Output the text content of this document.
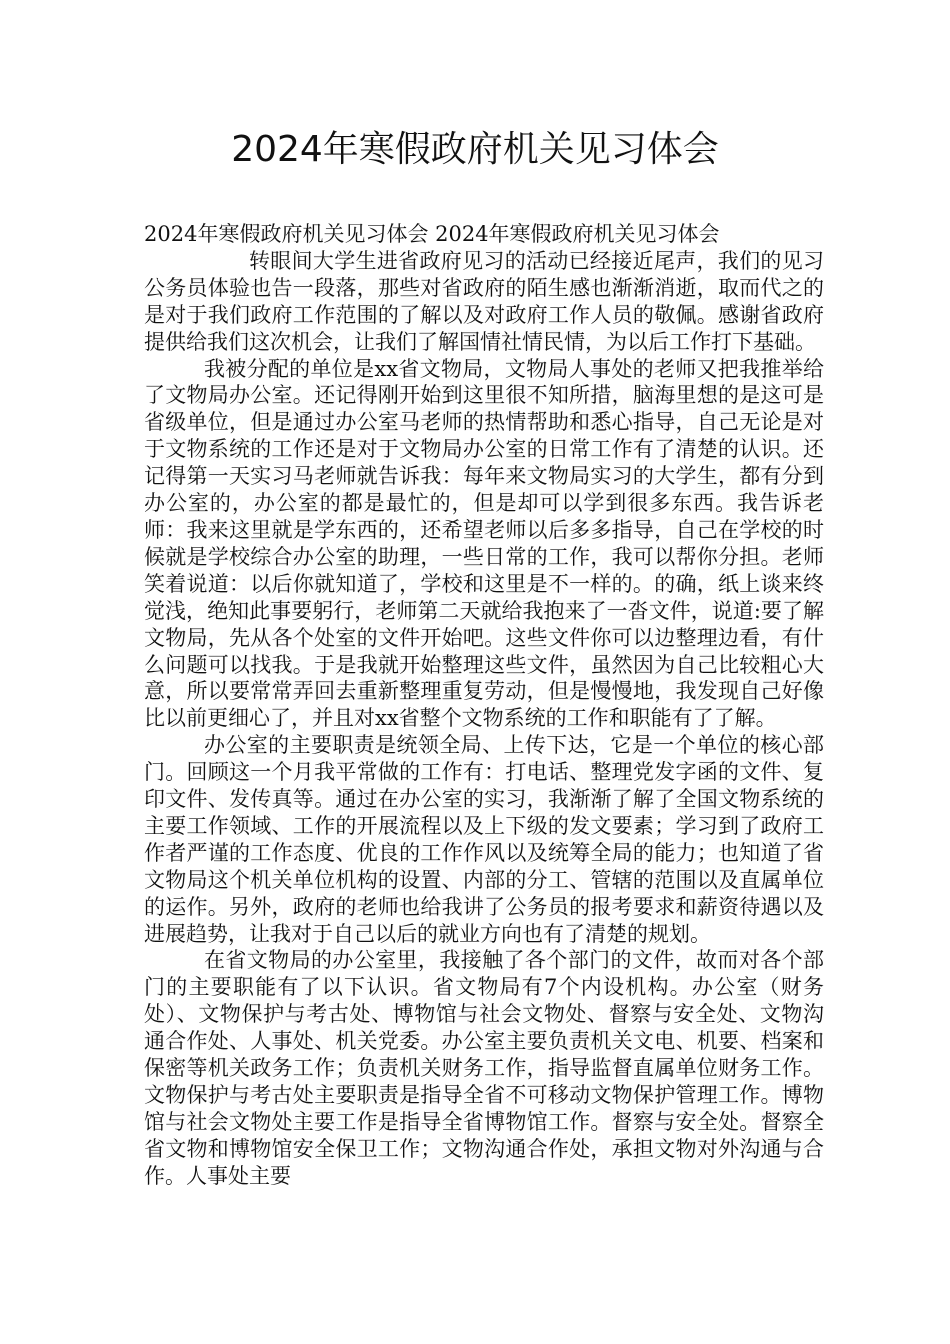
2024年寒假政府机关见习体会

2024年寒假政府机关见习体会 2024年寒假政府机关见习体会

转眼间大学生进省政府见习的活动已经接近尾声，我们的见习公务员体验也告一段落，那些对省政府的陌生感也渐渐消逝，取而代之的是对于我们政府工作范围的了解以及对政府工作人员的敬佩。感谢省政府提供给我们这次机会，让我们了解国情社情民情，为以后工作打下基础。

我被分配的单位是xx省文物局，文物局人事处的老师又把我推举给了文物局办公室。还记得刚开始到这里很不知所措，脑海里想的是这可是省级单位，但是通过办公室马老师的热情帮助和悉心指导，自己无论是对于文物系统的工作还是对于文物局办公室的日常工作有了清楚的认识。还记得第一天实习马老师就告诉我：每年来文物局实习的大学生，都有分到办公室的，办公室的都是最忙的，但是却可以学到很多东西。我告诉老师：我来这里就是学东西的，还希望老师以后多多指导，自己在学校的时候就是学校综合办公室的助理，一些日常的工作，我可以帮你分担。老师笑着说道：以后你就知道了，学校和这里是不一样的。的确，纸上谈来终觉浅，绝知此事要躬行，老师第二天就给我抱来了一沓文件，说道:要了解文物局，先从各个处室的文件开始吧。这些文件你可以边整理边看，有什么问题可以找我。于是我就开始整理这些文件，虽然因为自己比较粗心大意，所以要常常弄回去重新整理重复劳动，但是慢慢地，我发现自己好像比以前更细心了，并且对xx省整个文物系统的工作和职能有了了解。

办公室的主要职责是统领全局、上传下达，它是一个单位的核心部门。回顾这一个月我平常做的工作有：打电话、整理党发字函的文件、复印文件、发传真等。通过在办公室的实习，我渐渐了解了全国文物系统的主要工作领域、工作的开展流程以及上下级的发文要素；学习到了政府工作者严谨的工作态度、优良的工作作风以及统筹全局的能力；也知道了省文物局这个机关单位机构的设置、内部的分工、管辖的范围以及直属单位的运作。另外，政府的老师也给我讲了公务员的报考要求和薪资待遇以及进展趋势，让我对于自己以后的就业方向也有了清楚的规划。

在省文物局的办公室里，我接触了各个部门的文件，故而对各个部门的主要职能有了以下认识。省文物局有7个内设机构。办公室（财务处）、文物保护与考古处、博物馆与社会文物处、督察与安全处、文物沟通合作处、人事处、机关党委。办公室主要负责机关文电、机要、档案和保密等机关政务工作；负责机关财务工作，指导监督直属单位财务工作。文物保护与考古处主要职责是指导全省不可移动文物保护管理工作。博物馆与社会文物处主要工作是指导全省博物馆工作。督察与安全处。督察全省文物和博物馆安全保卫工作；文物沟通合作处，承担文物对外沟通与合作。人事处主要
